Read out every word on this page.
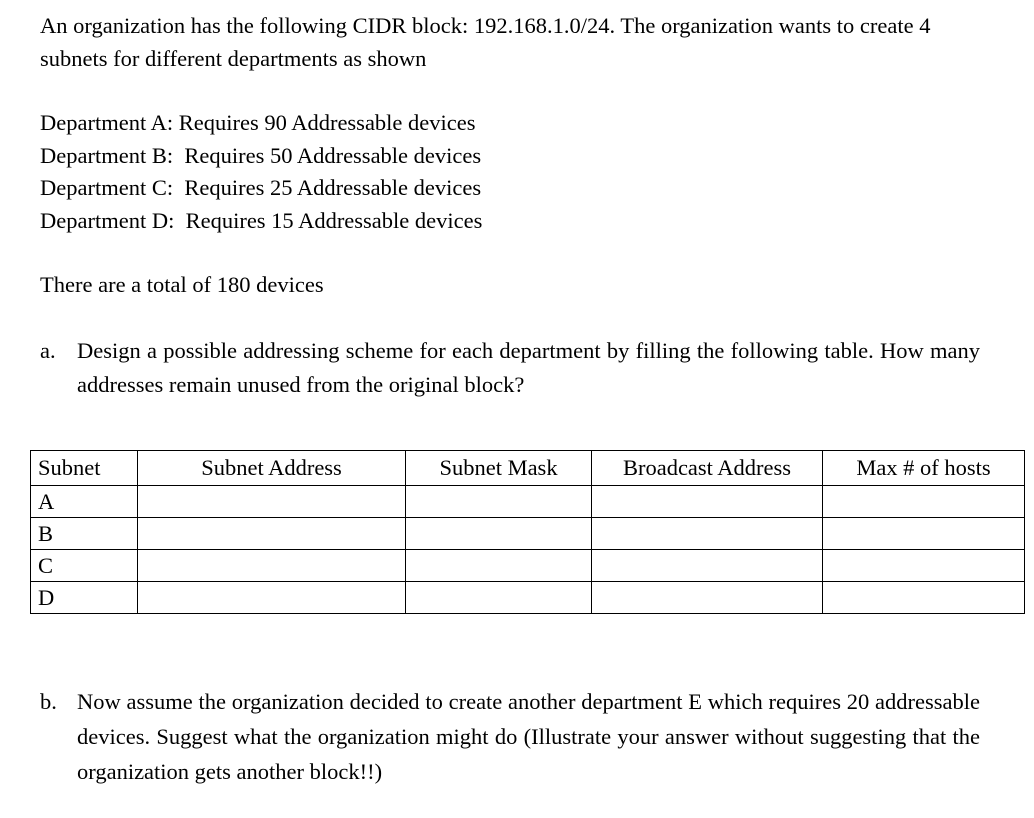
An organization has the following CIDR block: 192.168.1.0/24. The organization wants to create 4 subnets for different departments as shown

Department A: Requires 90 Addressable devices
Department B:  Requires 50 Addressable devices
Department C:  Requires 25 Addressable devices
Department D:  Requires 15 Addressable devices

There are a total of 180 devices

a. Design a possible addressing scheme for each department by filling the following table. How many addresses remain unused from the original block?
Subnet	Subnet Address	Subnet Mask	Broadcast Address	Max # of hosts
A				
B				
C				
D				
b. Now assume the organization decided to create another department E which requires 20 addressable devices. Suggest what the organization might do (Illustrate your answer without suggesting that the organization gets another block!!)
